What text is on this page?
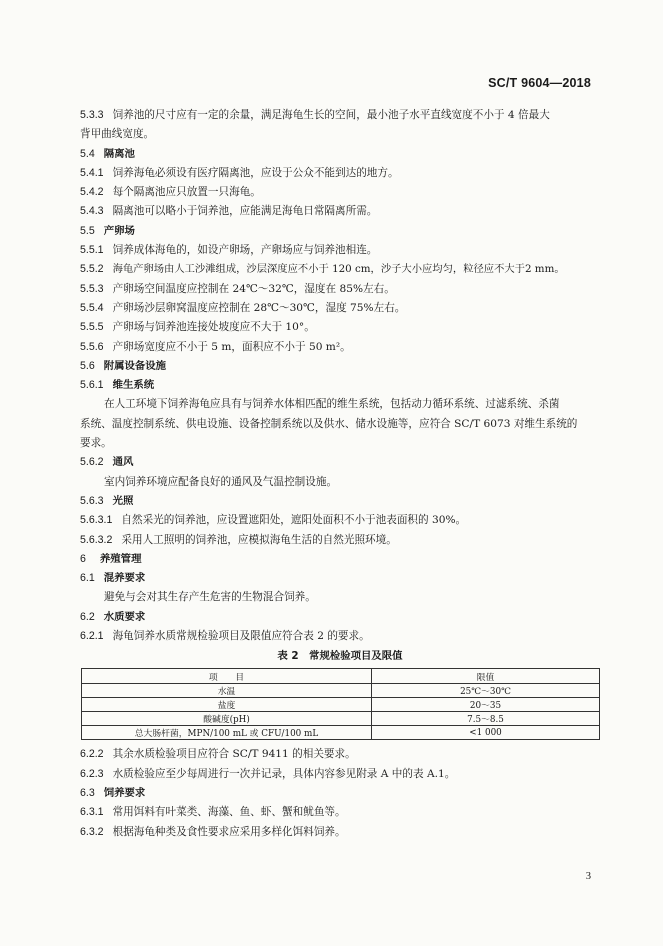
SC/T 9604—2018
5.3.3 饲养池的尺寸应有一定的余量，满足海龟生长的空间，最小池子水平直线宽度不小于 4 倍最大
背甲曲线宽度。
5.4 隔离池
5.4.1 饲养海龟必须设有医疗隔离池，应设于公众不能到达的地方。
5.4.2 每个隔离池应只放置一只海龟。
5.4.3 隔离池可以略小于饲养池，应能满足海龟日常隔离所需。
5.5 产卵场
5.5.1 饲养成体海龟的，如设产卵场，产卵场应与饲养池相连。
5.5.2 海龟产卵场由人工沙滩组成，沙层深度应不小于 120 cm，沙子大小应均匀，粒径应不大于2 mm。
5.5.3 产卵场空间温度应控制在 24℃～32℃，湿度在 85%左右。
5.5.4 产卵场沙层卵窝温度应控制在 28℃～30℃，湿度 75%左右。
5.5.5 产卵场与饲养池连接处坡度应不大于 10°。
5.5.6 产卵场宽度应不小于 5 m，面积应不小于 50 m²。
5.6 附属设备设施
5.6.1 维生系统
在人工环境下饲养海龟应具有与饲养水体相匹配的维生系统，包括动力循环系统、过滤系统、杀菌
系统、温度控制系统、供电设施、设备控制系统以及供水、储水设施等，应符合 SC/T 6073 对维生系统的
要求。
5.6.2 通风
室内饲养环境应配备良好的通风及气温控制设施。
5.6.3 光照
5.6.3.1 自然采光的饲养池，应设置遮阳处，遮阳处面积不小于池表面积的 30%。
5.6.3.2 采用人工照明的饲养池，应模拟海龟生活的自然光照环境。
6 养殖管理
6.1 混养要求
避免与会对其生存产生危害的生物混合饲养。
6.2 水质要求
6.2.1 海龟饲养水质常规检验项目及限值应符合表 2 的要求。
表 2　常规检验项目及限值
项　　目	限值
水温	25℃～30℃
盐度	20～35
酸碱度(pH)	7.5～8.5
总大肠杆菌，MPN/100 mL 或 CFU/100 mL	<1 000
6.2.2 其余水质检验项目应符合 SC/T 9411 的相关要求。
6.2.3 水质检验应至少每周进行一次并记录，具体内容参见附录 A 中的表 A.1。
6.3 饲养要求
6.3.1 常用饵料有叶菜类、海藻、鱼、虾、蟹和鱿鱼等。
6.3.2 根据海龟种类及食性要求应采用多样化饵料饲养。
3
